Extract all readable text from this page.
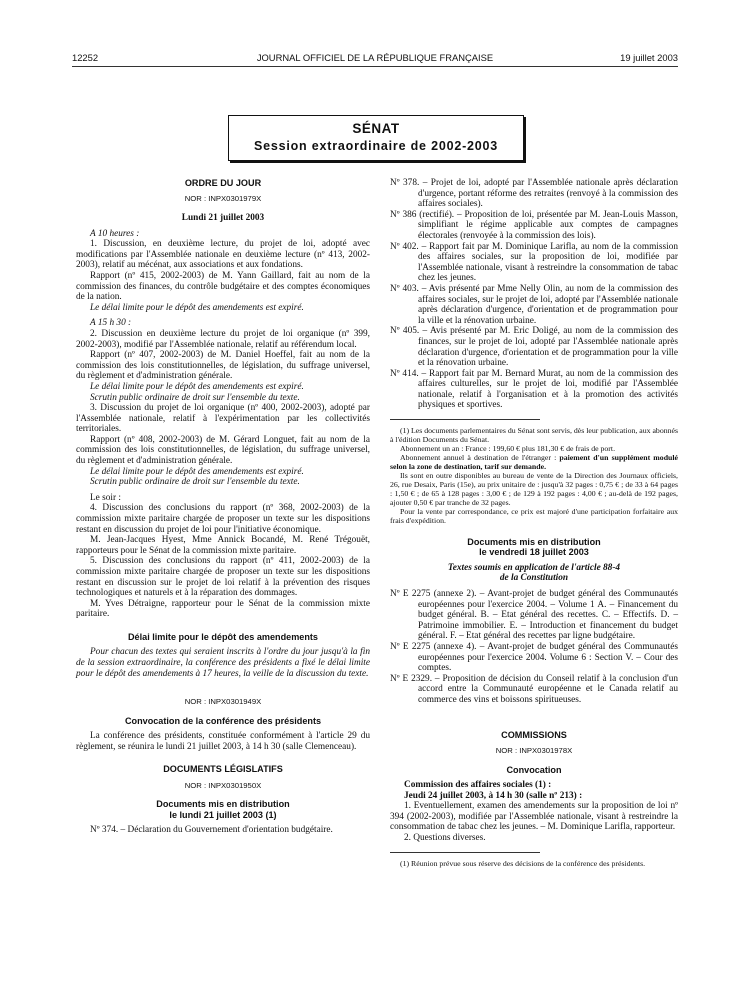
12252	JOURNAL OFFICIEL DE LA RÉPUBLIQUE FRANÇAISE	19 juillet 2003
SÉNAT
Session extraordinaire de 2002-2003
ORDRE DU JOUR
NOR : INPX0301979X

Lundi 21 juillet 2003

A 10 heures :

1. Discussion, en deuxième lecture, du projet de loi, adopté avec modifications par l'Assemblée nationale en deuxième lecture (nº 413, 2002-2003), relatif au mécénat, aux associations et aux fondations.

Rapport (nº 415, 2002-2003) de M. Yann Gaillard, fait au nom de la commission des finances, du contrôle budgétaire et des comptes économiques de la nation.

Le délai limite pour le dépôt des amendements est expiré.

A 15 h 30 :

2. Discussion en deuxième lecture du projet de loi organique (nº 399, 2002-2003), modifié par l'Assemblée nationale, relatif au référendum local.

Rapport (nº 407, 2002-2003) de M. Daniel Hoeffel, fait au nom de la commission des lois constitutionnelles, de législation, du suffrage universel, du règlement et d'administration générale.

Le délai limite pour le dépôt des amendements est expiré.

Scrutin public ordinaire de droit sur l'ensemble du texte.

3. Discussion du projet de loi organique (nº 400, 2002-2003), adopté par l'Assemblée nationale, relatif à l'expérimentation par les collectivités territoriales.

Rapport (nº 408, 2002-2003) de M. Gérard Longuet, fait au nom de la commission des lois constitutionnelles, de législation, du suffrage universel, du règlement et d'administration générale.

Le délai limite pour le dépôt des amendements est expiré.

Scrutin public ordinaire de droit sur l'ensemble du texte.

Le soir :

4. Discussion des conclusions du rapport (nº 368, 2002-2003) de la commission mixte paritaire chargée de proposer un texte sur les dispositions restant en discussion du projet de loi pour l'initiative économique.

M. Jean-Jacques Hyest, Mme Annick Bocandé, M. René Trégouët, rapporteurs pour le Sénat de la commission mixte paritaire.

5. Discussion des conclusions du rapport (nº 411, 2002-2003) de la commission mixte paritaire chargée de proposer un texte sur les dispositions restant en discussion sur le projet de loi relatif à la prévention des risques technologiques et naturels et à la réparation des dommages.

M. Yves Détraigne, rapporteur pour le Sénat de la commission mixte paritaire.

Délai limite pour le dépôt des amendements

Pour chacun des textes qui seraient inscrits à l'ordre du jour jusqu'à la fin de la session extraordinaire, la conférence des présidents a fixé le délai limite pour le dépôt des amendements à 17 heures, la veille de la discussion du texte.

NOR : INPX0301949X
Convocation de la conférence des présidents

La conférence des présidents, constituée conformément à l'article 29 du règlement, se réunira le lundi 21 juillet 2003, à 14 h 30 (salle Clemenceau).

DOCUMENTS LÉGISLATIFS
NOR : INPX0301950X
Documents mis en distribution
le lundi 21 juillet 2003 (1)

Nº 374. – Déclaration du Gouvernement d'orientation budgétaire.

Nº 378. – Projet de loi, adopté par l'Assemblée nationale après déclaration d'urgence, portant réforme des retraites (renvoyé à la commission des affaires sociales).

Nº 386 (rectifié). – Proposition de loi, présentée par M. Jean-Louis Masson, simplifiant le régime applicable aux comptes de campagnes électorales (renvoyée à la commission des lois).

Nº 402. – Rapport fait par M. Dominique Larifla, au nom de la commission des affaires sociales, sur la proposition de loi, modifiée par l'Assemblée nationale, visant à restreindre la consommation de tabac chez les jeunes.

Nº 403. – Avis présenté par Mme Nelly Olin, au nom de la commission des affaires sociales, sur le projet de loi, adopté par l'Assemblée nationale après déclaration d'urgence, d'orientation et de programmation pour la ville et la rénovation urbaine.

Nº 405. – Avis présenté par M. Eric Doligé, au nom de la commission des finances, sur le projet de loi, adopté par l'Assemblée nationale après déclaration d'urgence, d'orientation et de programmation pour la ville et la rénovation urbaine.

Nº 414. – Rapport fait par M. Bernard Murat, au nom de la commission des affaires culturelles, sur le projet de loi, modifié par l'Assemblée nationale, relatif à l'organisation et à la promotion des activités physiques et sportives.

(1) Les documents parlementaires du Sénat sont servis, dès leur publication, aux abonnés à l'édition Documents du Sénat.

Abonnement un an : France : 199,60 € plus 181,30 € de frais de port.

Abonnement annuel à destination de l'étranger : paiement d'un supplément modulé selon la zone de destination, tarif sur demande.

Ils sont en outre disponibles au bureau de vente de la Direction des Journaux officiels, 26, rue Desaix, Paris (15e), au prix unitaire de : jusqu'à 32 pages : 0,75 € ; de 33 à 64 pages : 1,50 € ; de 65 à 128 pages : 3,00 € ; de 129 à 192 pages : 4,00 € ; au-delà de 192 pages, ajouter 0,50 € par tranche de 32 pages.

Pour la vente par correspondance, ce prix est majoré d'une participation forfaitaire aux frais d'expédition.

Documents mis en distribution
le vendredi 18 juillet 2003

Textes soumis en application de l'article 88-4

de la Constitution

Nº E 2275 (annexe 2). – Avant-projet de budget général des Communautés européennes pour l'exercice 2004. – Volume 1 A. – Financement du budget général. B. – Etat général des recettes. C. – Effectifs. D. – Patrimoine immobilier. E. – Introduction et financement du budget général. F. – Etat général des recettes par ligne budgétaire.

Nº E 2275 (annexe 4). – Avant-projet de budget général des Communautés européennes pour l'exercice 2004. Volume 6 : Section V. – Cour des comptes.

Nº E 2329. – Proposition de décision du Conseil relatif à la conclusion d'un accord entre la Communauté européenne et le Canada relatif au commerce des vins et boissons spiritueuses.

COMMISSIONS
NOR : INPX0301978X
Convocation

Commission des affaires sociales (1) :

Jeudi 24 juillet 2003, à 14 h 30 (salle nº 213) :

1. Eventuellement, examen des amendements sur la proposition de loi nº 394 (2002-2003), modifiée par l'Assemblée nationale, visant à restreindre la consommation de tabac chez les jeunes. – M. Dominique Larifla, rapporteur.

2. Questions diverses.

(1) Réunion prévue sous réserve des décisions de la conférence des présidents.
